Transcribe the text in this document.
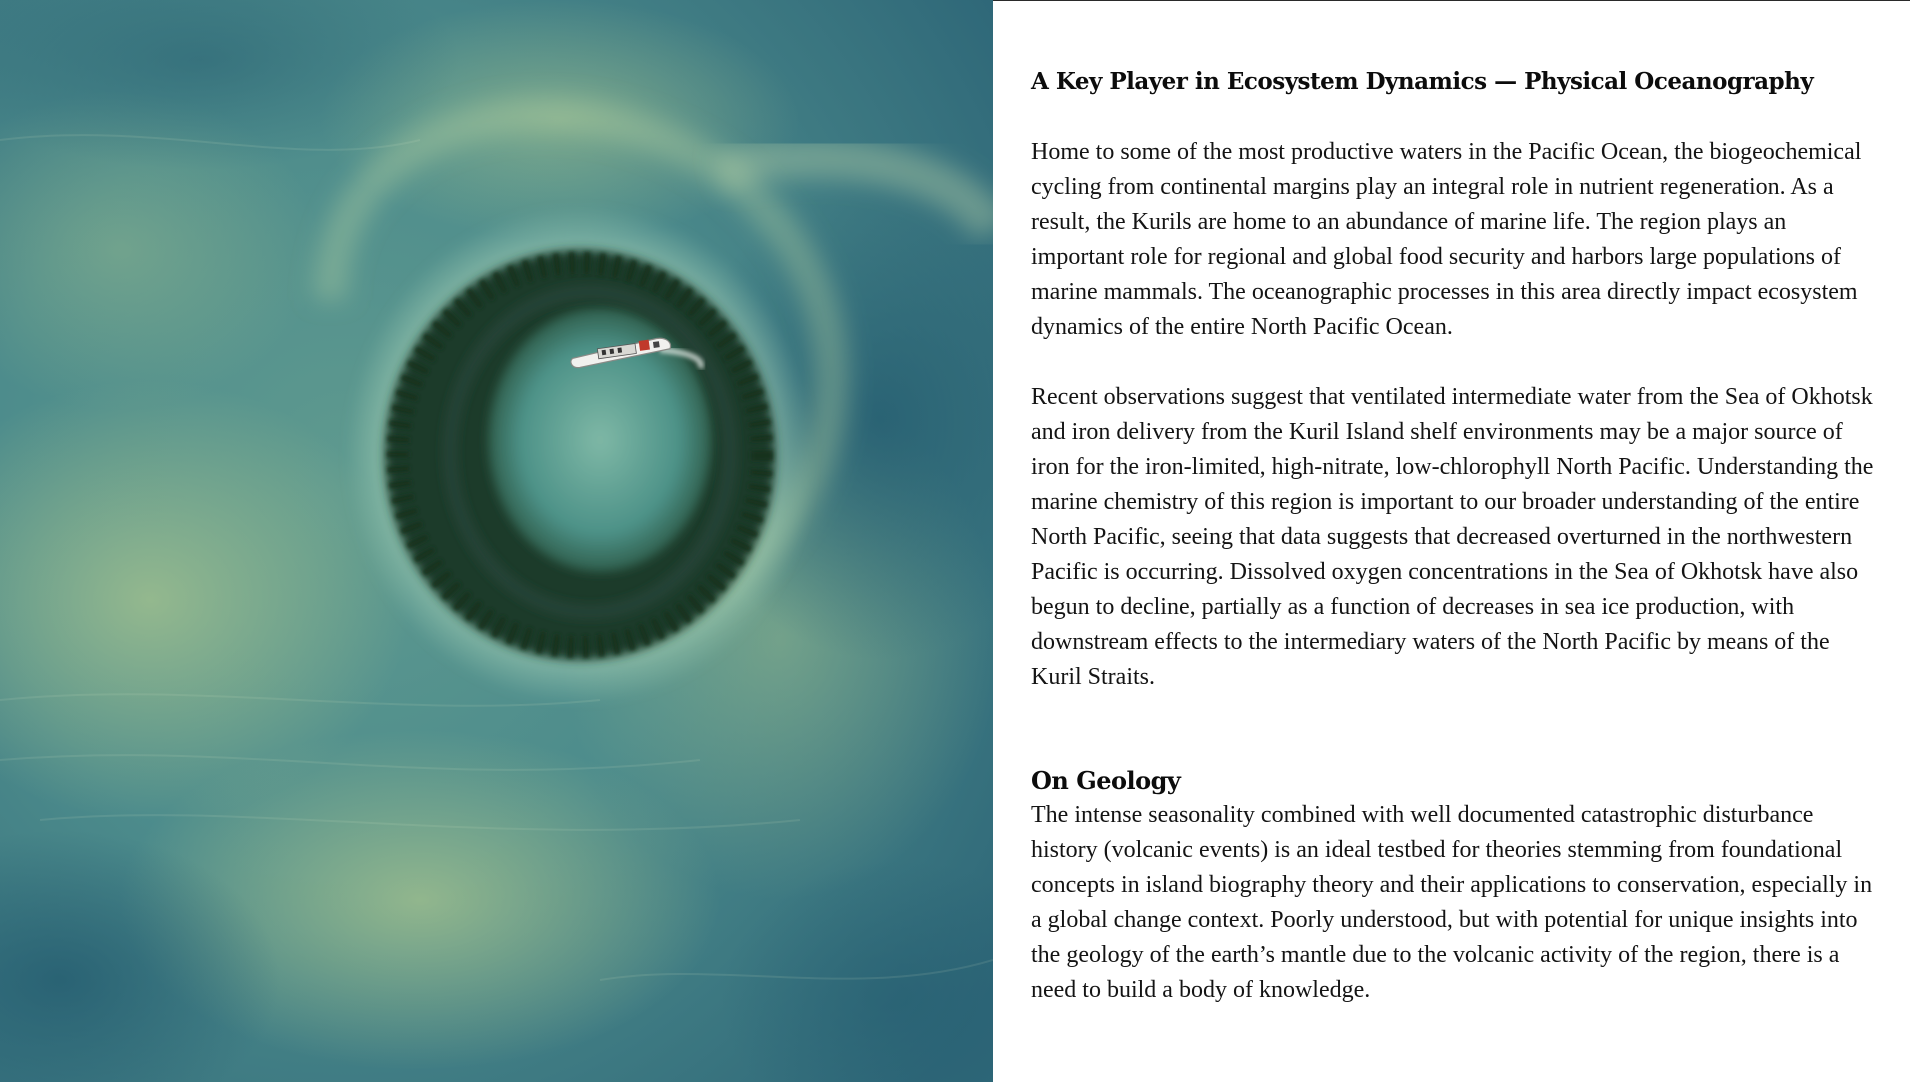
A Key Player in Ecosystem Dynamics — Physical Oceanography

Home to some of the most productive waters in the Pacific Ocean, the biogeochemical cycling from continental margins play an integral role in nutrient regeneration. As a result, the Kurils are home to an abundance of marine life. The region plays an important role for regional and global food security and harbors large populations of marine mammals. The oceanographic processes in this area directly impact ecosystem dynamics of the entire North Pacific Ocean.

Recent observations suggest that ventilated intermediate water from the Sea of Okhotsk and iron delivery from the Kuril Island shelf environments may be a major source of iron for the iron-limited, high-nitrate, low-chlorophyll North Pacific. Understanding the marine chemistry of this region is important to our broader understanding of the entire North Pacific, seeing that data suggests that decreased overturned in the northwestern Pacific is occurring. Dissolved oxygen concentrations in the Sea of Okhotsk have also begun to decline, partially as a function of decreases in sea ice production, with downstream effects to the intermediary waters of the North Pacific by means of the Kuril Straits.

On Geology

The intense seasonality combined with well documented catastrophic disturbance history (volcanic events) is an ideal testbed for theories stemming from foundational concepts in island biography theory and their applications to conservation, especially in a global change context. Poorly understood, but with potential for unique insights into the geology of the earth’s mantle due to the volcanic activity of the region, there is a need to build a body of knowledge.
